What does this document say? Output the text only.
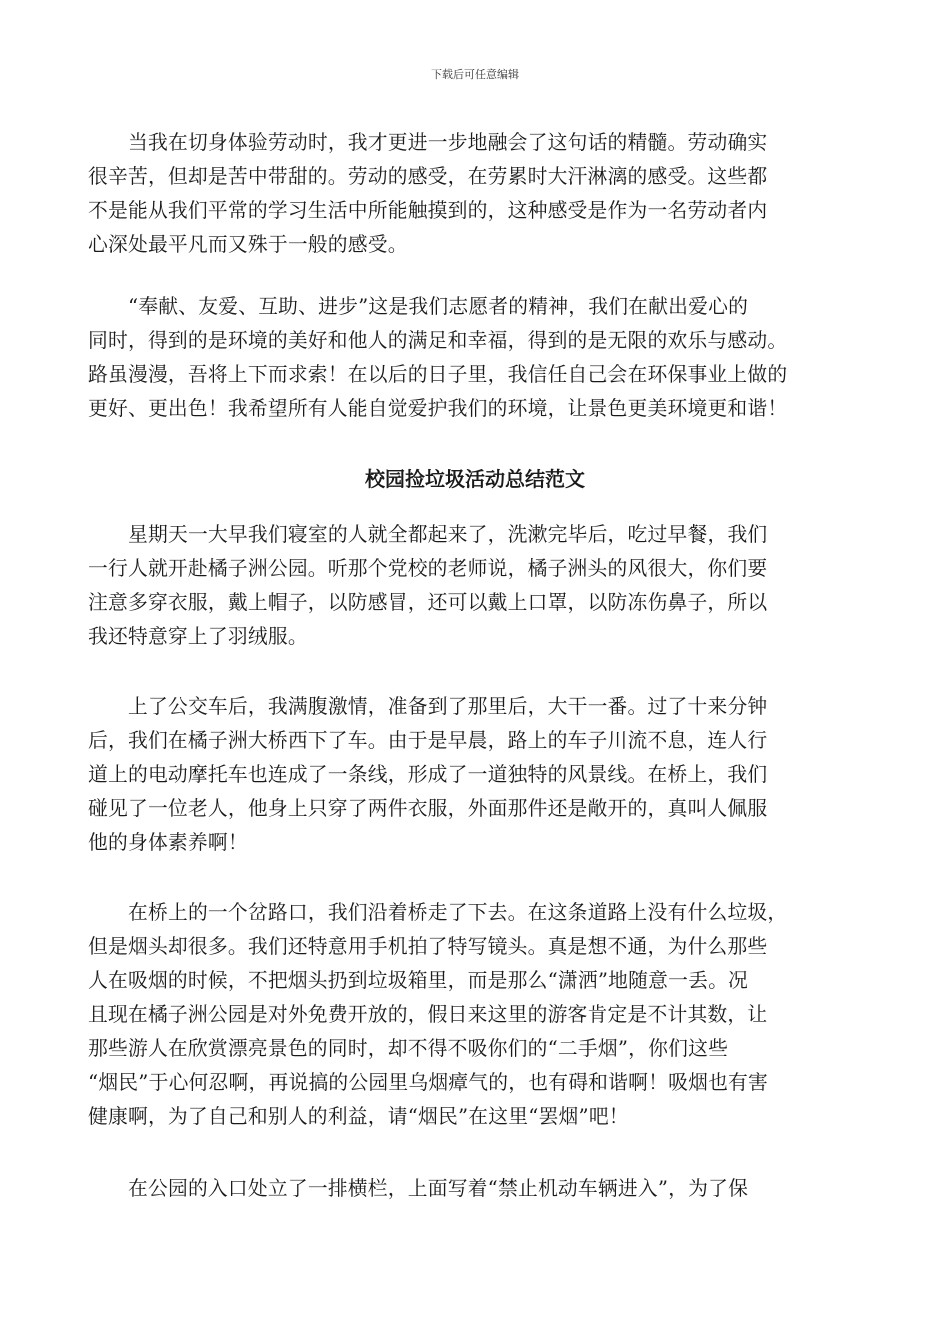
下载后可任意编辑

当我在切身体验劳动时，我才更进一步地融会了这句话的精髓。劳动确实
很辛苦，但却是苦中带甜的。劳动的感受，在劳累时大汗淋漓的感受。这些都
不是能从我们平常的学习生活中所能触摸到的，这种感受是作为一名劳动者内
心深处最平凡而又殊于一般的感受。

“奉献、友爱、互助、进步”这是我们志愿者的精神，我们在献出爱心的
同时，得到的是环境的美好和他人的满足和幸福，得到的是无限的欢乐与感动。
路虽漫漫，吾将上下而求索！在以后的日子里，我信任自己会在环保事业上做的
更好、更出色！我希望所有人能自觉爱护我们的环境，让景色更美环境更和谐！

校园捡垃圾活动总结范文

星期天一大早我们寝室的人就全都起来了，洗漱完毕后，吃过早餐，我们
一行人就开赴橘子洲公园。听那个党校的老师说，橘子洲头的风很大，你们要
注意多穿衣服，戴上帽子，以防感冒，还可以戴上口罩，以防冻伤鼻子，所以
我还特意穿上了羽绒服。

上了公交车后，我满腹激情，准备到了那里后，大干一番。过了十来分钟
后，我们在橘子洲大桥西下了车。由于是早晨，路上的车子川流不息，连人行
道上的电动摩托车也连成了一条线，形成了一道独特的风景线。在桥上，我们
碰见了一位老人，他身上只穿了两件衣服，外面那件还是敞开的，真叫人佩服
他的身体素养啊！

在桥上的一个岔路口，我们沿着桥走了下去。在这条道路上没有什么垃圾，
但是烟头却很多。我们还特意用手机拍了特写镜头。真是想不通，为什么那些
人在吸烟的时候，不把烟头扔到垃圾箱里，而是那么“潇洒”地随意一丢。况
且现在橘子洲公园是对外免费开放的，假日来这里的游客肯定是不计其数，让
那些游人在欣赏漂亮景色的同时，却不得不吸你们的“二手烟”，你们这些
“烟民”于心何忍啊，再说搞的公园里乌烟瘴气的，也有碍和谐啊！吸烟也有害
健康啊，为了自己和别人的利益，请“烟民”在这里“罢烟”吧！

在公园的入口处立了一排横栏，上面写着“禁止机动车辆进入”，为了保
